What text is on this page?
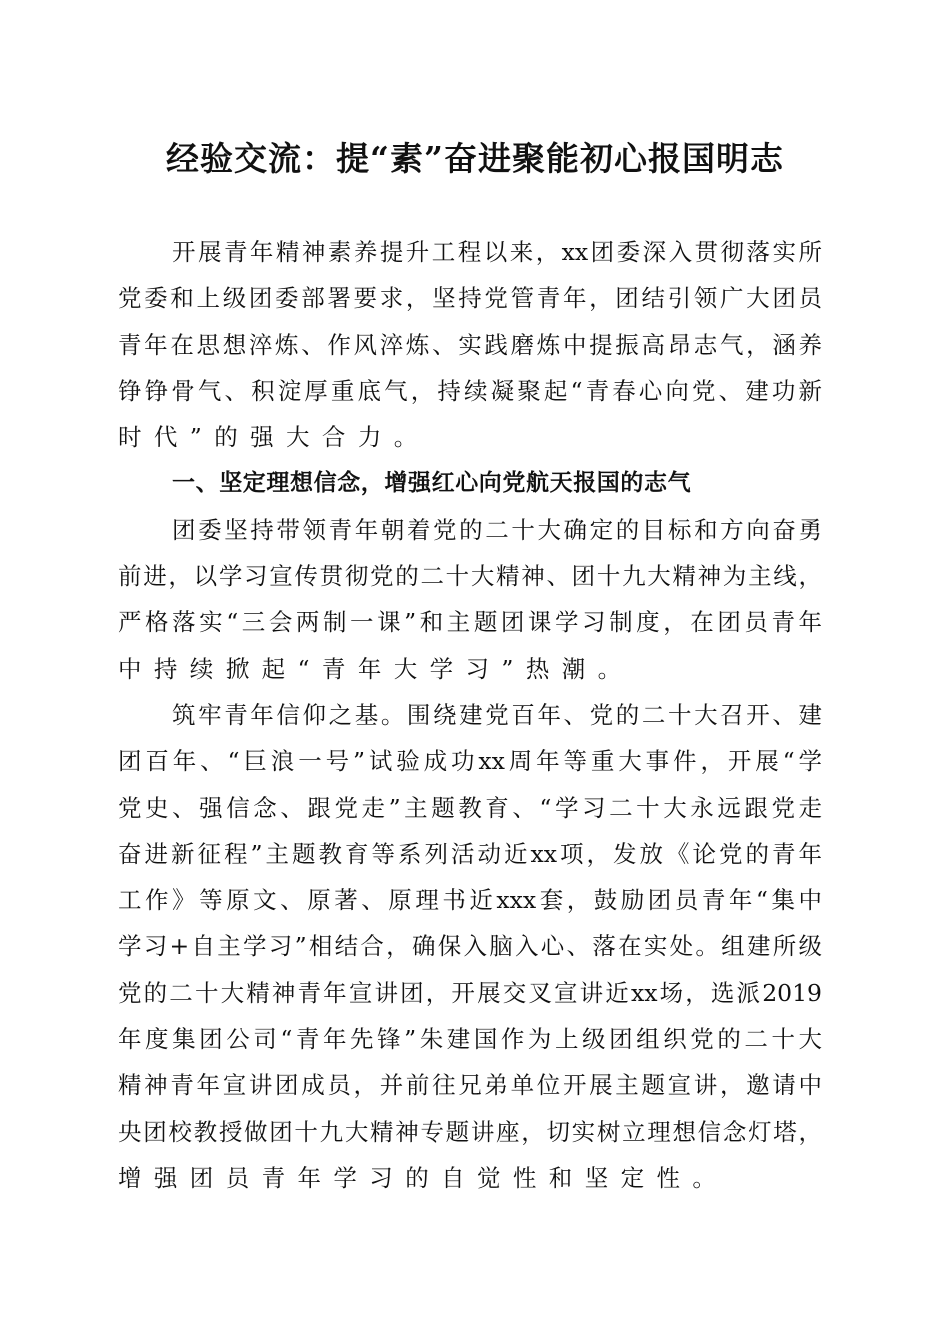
经验交流：提“素”奋进聚能初心报国明志
开展青年精神素养提升工程以来，xx团委深入贯彻落实所
党委和上级团委部署要求，坚持党管青年，团结引领广大团员
青年在思想淬炼、作风淬炼、实践磨炼中提振高昂志气，涵养
铮铮骨气、积淀厚重底气，持续凝聚起“青春心向党、建功新
时代”的强大合力。
一、坚定理想信念，增强红心向党航天报国的志气
团委坚持带领青年朝着党的二十大确定的目标和方向奋勇
前进，以学习宣传贯彻党的二十大精神、团十九大精神为主线，
严格落实“三会两制一课”和主题团课学习制度，在团员青年
中持续掀起“青年大学习”热潮。
筑牢青年信仰之基。围绕建党百年、党的二十大召开、建
团百年、“巨浪一号”试验成功xx周年等重大事件，开展“学
党史、强信念、跟党走”主题教育、“学习二十大永远跟党走
奋进新征程”主题教育等系列活动近xx项，发放《论党的青年
工作》等原文、原著、原理书近xxx套，鼓励团员青年“集中
学习+自主学习”相结合，确保入脑入心、落在实处。组建所级
党的二十大精神青年宣讲团，开展交叉宣讲近xx场，选派2019
年度集团公司“青年先锋”朱建国作为上级团组织党的二十大
精神青年宣讲团成员，并前往兄弟单位开展主题宣讲，邀请中
央团校教授做团十九大精神专题讲座，切实树立理想信念灯塔，
增强团员青年学习的自觉性和坚定性。
